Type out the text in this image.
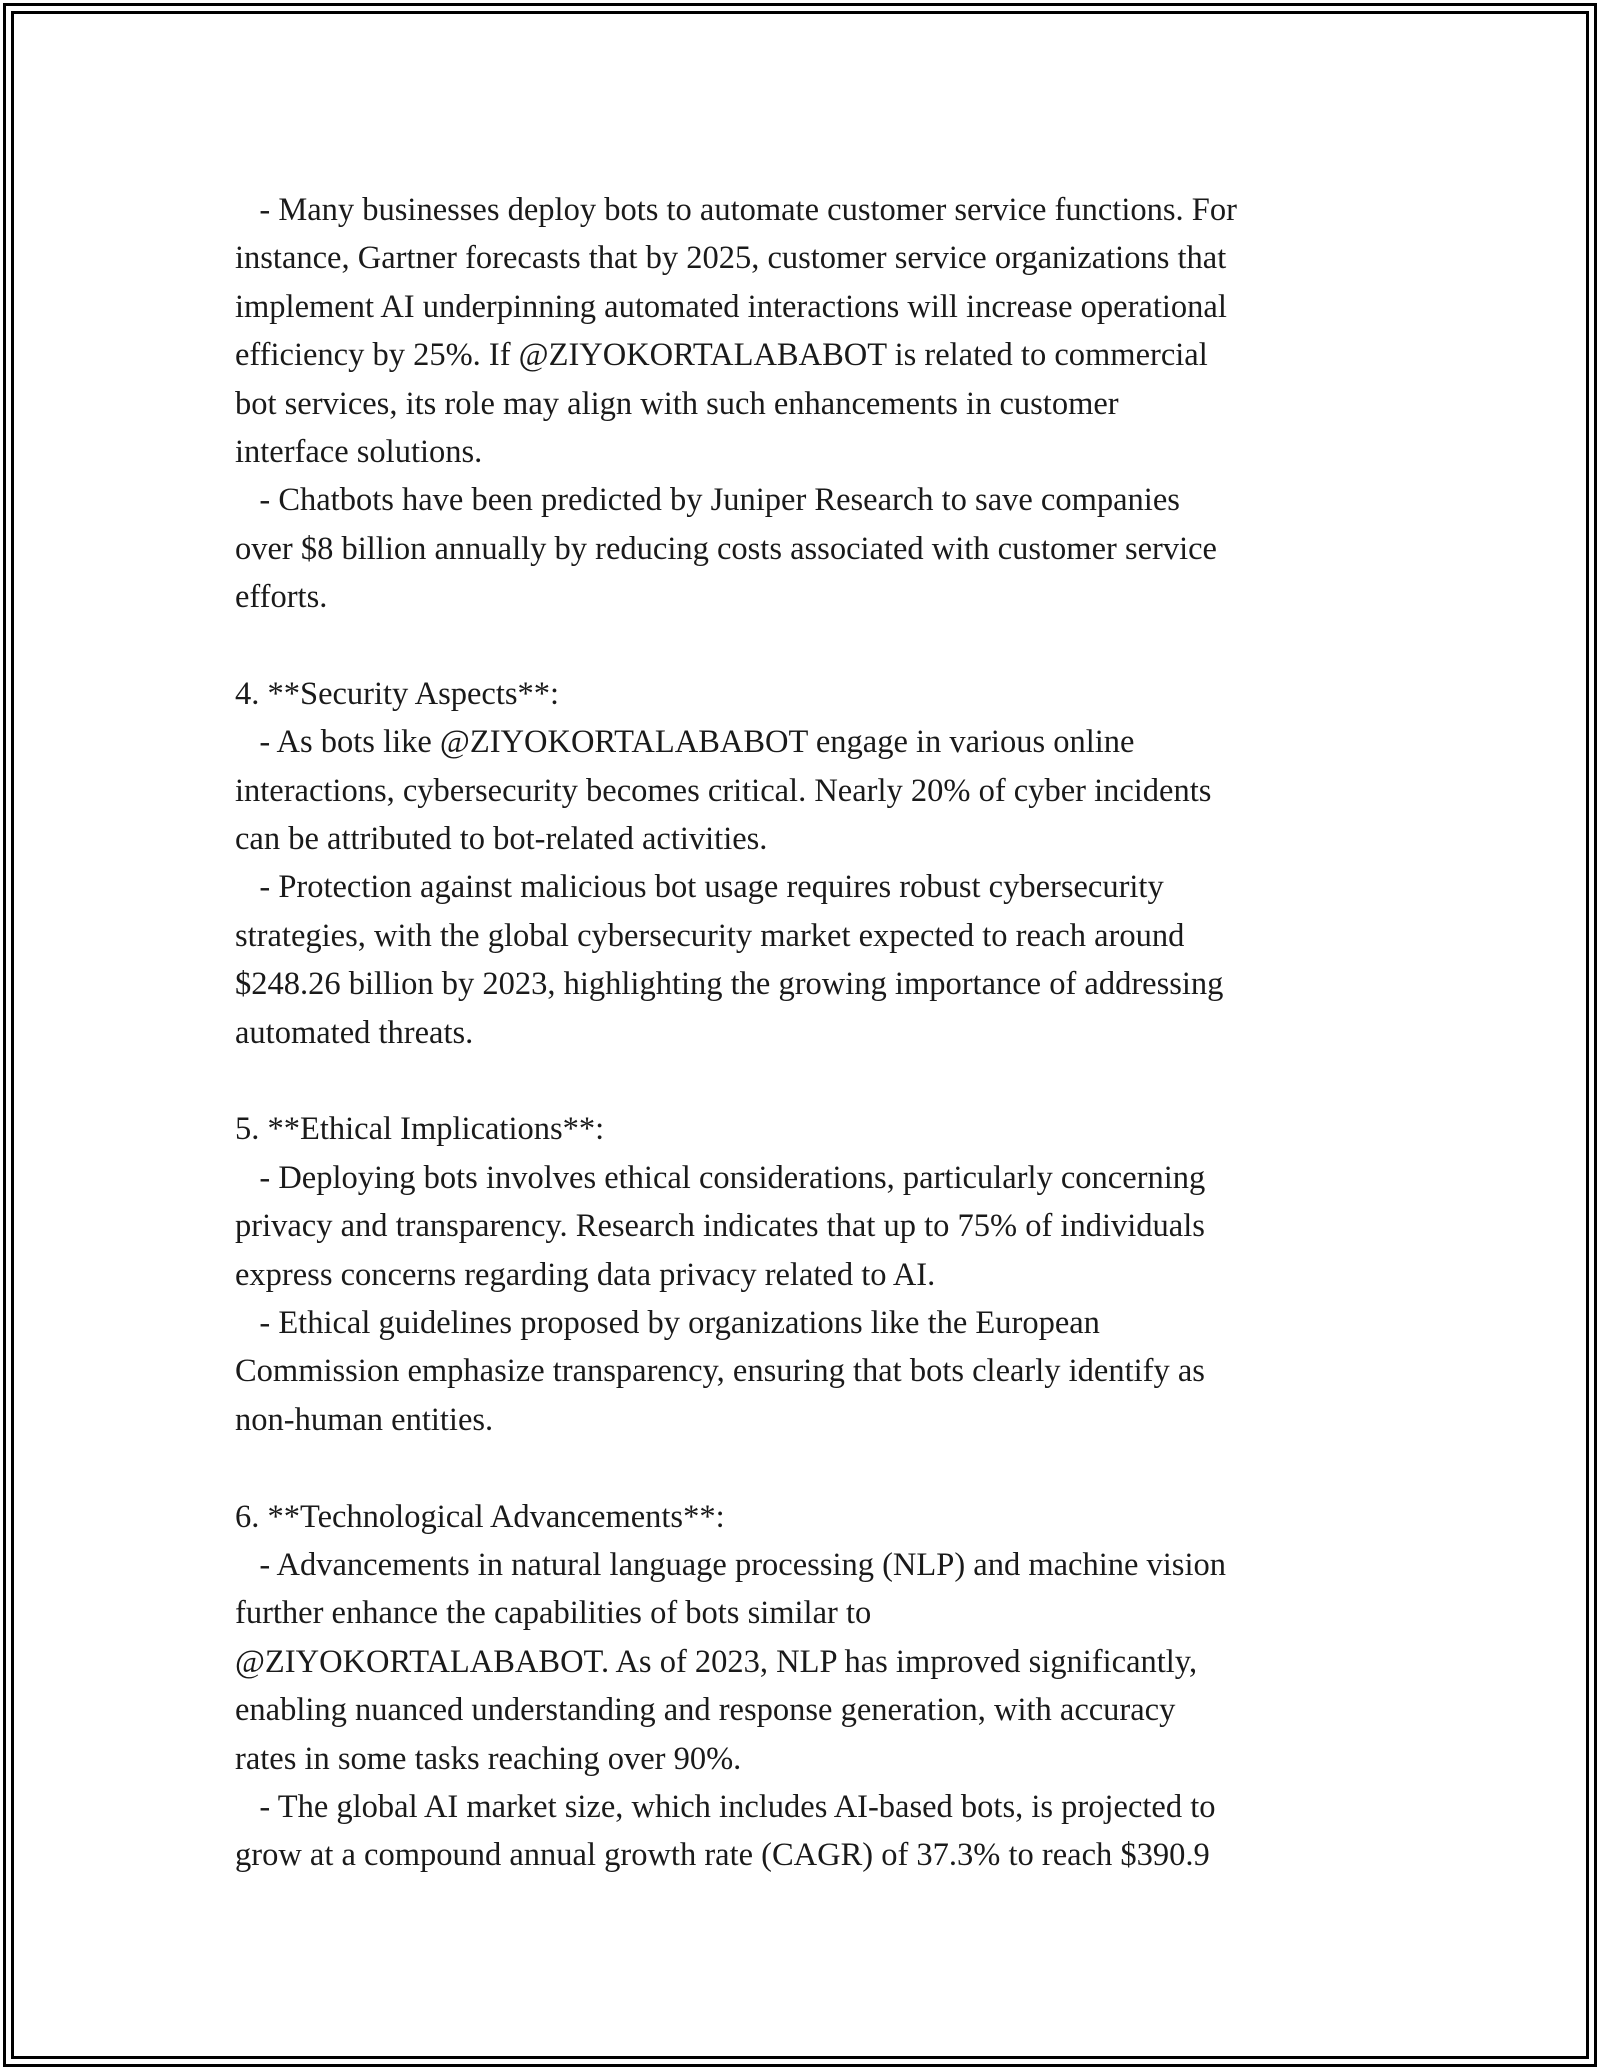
- Many businesses deploy bots to automate customer service functions. For
instance, Gartner forecasts that by 2025, customer service organizations that
implement AI underpinning automated interactions will increase operational
efficiency by 25%. If @ZIYOKORTALABABOT is related to commercial
bot services, its role may align with such enhancements in customer
interface solutions.
- Chatbots have been predicted by Juniper Research to save companies
over $8 billion annually by reducing costs associated with customer service
efforts.
4. **Security Aspects**:
- As bots like @ZIYOKORTALABABOT engage in various online
interactions, cybersecurity becomes critical. Nearly 20% of cyber incidents
can be attributed to bot-related activities.
- Protection against malicious bot usage requires robust cybersecurity
strategies, with the global cybersecurity market expected to reach around
$248.26 billion by 2023, highlighting the growing importance of addressing
automated threats.
5. **Ethical Implications**:
- Deploying bots involves ethical considerations, particularly concerning
privacy and transparency. Research indicates that up to 75% of individuals
express concerns regarding data privacy related to AI.
- Ethical guidelines proposed by organizations like the European
Commission emphasize transparency, ensuring that bots clearly identify as
non-human entities.
6. **Technological Advancements**:
- Advancements in natural language processing (NLP) and machine vision
further enhance the capabilities of bots similar to
@ZIYOKORTALABABOT. As of 2023, NLP has improved significantly,
enabling nuanced understanding and response generation, with accuracy
rates in some tasks reaching over 90%.
- The global AI market size, which includes AI-based bots, is projected to
grow at a compound annual growth rate (CAGR) of 37.3% to reach $390.9
